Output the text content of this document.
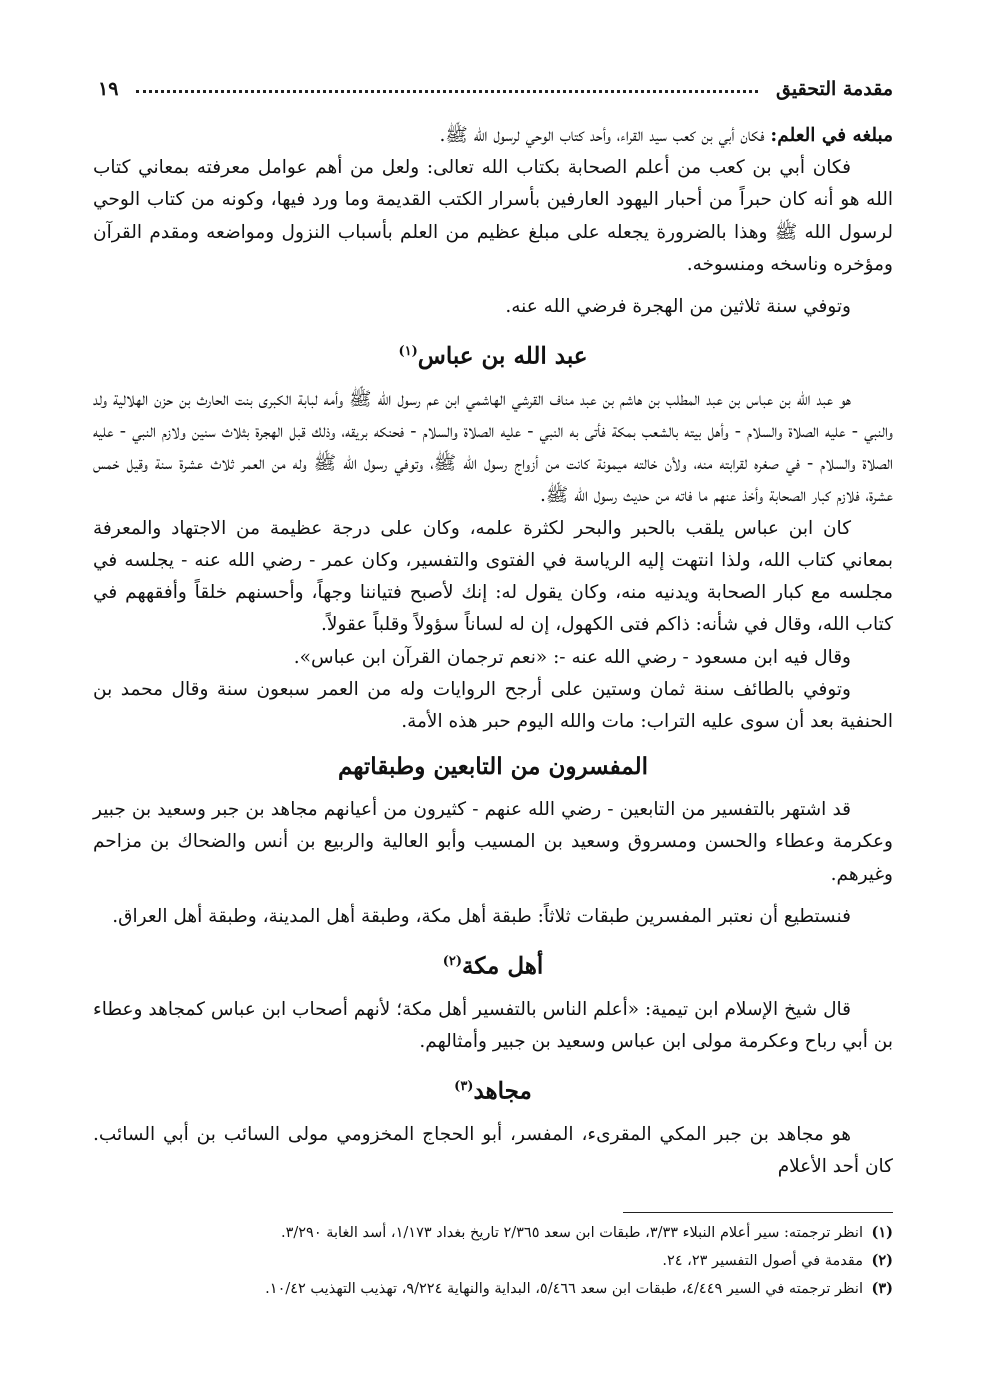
مقدمة التحقيق
١٩

مبلغه في العلم: فكان أبي بن كعب سيد القراء، وأحد كتاب الوحي لرسول الله ﷺ.

فكان أبي بن كعب من أعلم الصحابة بكتاب الله تعالى: ولعل من أهم عوامل معرفته بمعاني كتاب الله هو أنه كان حبراً من أحبار اليهود العارفين بأسرار الكتب القديمة وما ورد فيها، وكونه من كتاب الوحي لرسول الله ﷺ وهذا بالضرورة يجعله على مبلغ عظيم من العلم بأسباب النزول ومواضعه ومقدم القرآن ومؤخره وناسخه ومنسوخه.

وتوفي سنة ثلاثين من الهجرة فرضي الله عنه.

عبد الله بن عباس$^{(١)}$

هو عبد الله بن عباس بن عبد المطلب بن هاشم بن عبد مناف القرشي الهاشمي ابن عم رسول الله ﷺ وأمه لبابة الكبرى بنت الحارث بن حزن الهلالية ولد والنبي - عليه الصلاة والسلام - وأهل بيته بالشعب بمكة فأتى به النبي - عليه الصلاة والسلام - فحنكه بريقه، وذلك قبل الهجرة بثلاث سنين ولازم النبي - عليه الصلاة والسلام - في صغره لقرابته منه، ولأن خالته ميمونة كانت من أزواج رسول الله ﷺ، وتوفي رسول الله ﷺ وله من العمر ثلاث عشرة سنة وقيل خمس عشرة، فلازم كبار الصحابة وأخذ عنهم ما فاته من حديث رسول الله ﷺ.

كان ابن عباس يلقب بالحبر والبحر لكثرة علمه، وكان على درجة عظيمة من الاجتهاد والمعرفة بمعاني كتاب الله، ولذا انتهت إليه الرياسة في الفتوى والتفسير، وكان عمر - رضي الله عنه - يجلسه في مجلسه مع كبار الصحابة ويدنيه منه، وكان يقول له: إنك لأصبح فتياننا وجهاً، وأحسنهم خلقاً وأفقههم في كتاب الله، وقال في شأنه: ذاكم فتى الكهول، إن له لساناً سؤولاً وقلباً عقولاً.

وقال فيه ابن مسعود - رضي الله عنه -: «نعم ترجمان القرآن ابن عباس».

وتوفي بالطائف سنة ثمان وستين على أرجح الروايات وله من العمر سبعون سنة وقال محمد بن الحنفية بعد أن سوى عليه التراب: مات والله اليوم حبر هذه الأمة.

المفسرون من التابعين وطبقاتهم

قد اشتهر بالتفسير من التابعين - رضي الله عنهم - كثيرون من أعيانهم مجاهد بن جبر وسعيد بن جبير وعكرمة وعطاء والحسن ومسروق وسعيد بن المسيب وأبو العالية والربيع بن أنس والضحاك بن مزاحم وغيرهم.

فنستطيع أن نعتبر المفسرين طبقات ثلاثاً: طبقة أهل مكة، وطبقة أهل المدينة، وطبقة أهل العراق.

أهل مكة$^{(٢)}$

قال شيخ الإسلام ابن تيمية: «أعلم الناس بالتفسير أهل مكة؛ لأنهم أصحاب ابن عباس كمجاهد وعطاء بن أبي رباح وعكرمة مولى ابن عباس وسعيد بن جبير وأمثالهم.

مجاهد$^{(٣)}$

هو مجاهد بن جبر المكي المقرىء، المفسر، أبو الحجاج المخزومي مولى السائب بن أبي السائب. كان أحد الأعلام

(١)انظر ترجمته: سير أعلام النبلاء ٣/٣٣، طبقات ابن سعد ٢/٣٦٥ تاريخ بغداد ١/١٧٣، أسد الغابة ٣/٢٩٠.

(٢)مقدمة في أصول التفسير ٢٣، ٢٤.

(٣)انظر ترجمته في السير ٤/٤٤٩، طبقات ابن سعد ٥/٤٦٦، البداية والنهاية ٩/٢٢٤، تهذيب التهذيب ١٠/٤٢.
